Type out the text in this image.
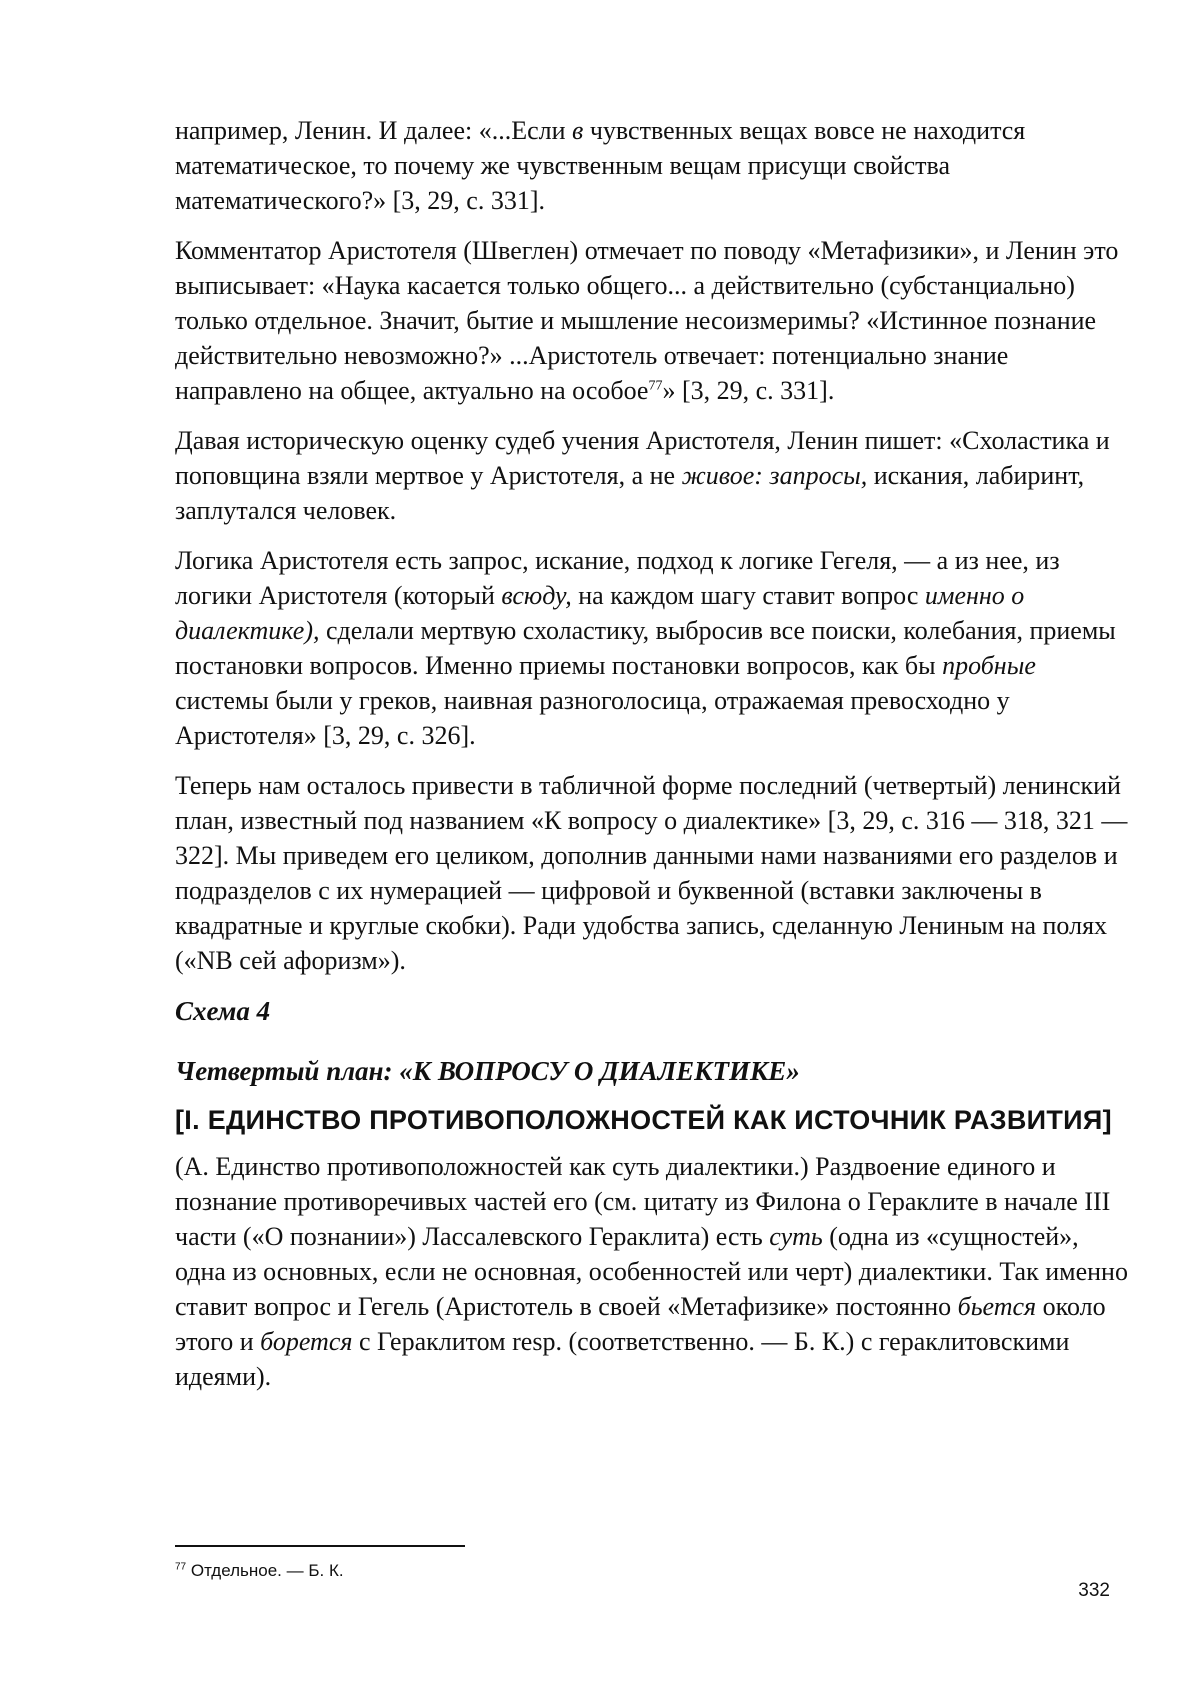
например, Ленин. И далее: «...Если в чувственных вещах вовсе не находится математическое, то почему же чувственным вещам присущи свойства математического?» [3, 29, с. 331].

Комментатор Аристотеля (Швеглен) отмечает по поводу «Метафизики», и Ленин это выписывает: «Наука касается только общего... а действительно (субстанциально) только отдельное. Значит, бытие и мышление несоизмеримы? «Истинное познание действительно невозможно?» ...Аристотель отвечает: потенциально знание направлено на общее, актуально на особое$^{77}$» [3, 29, с. 331].

Давая историческую оценку судеб учения Аристотеля, Ленин пишет: «Схоластика и поповщина взяли мертвое у Аристотеля, а не живое: запросы, искания, лабиринт, заплутался человек.

Логика Аристотеля есть запрос, искание, подход к логике Гегеля, — а из нее, из логики Аристотеля (который всюду, на каждом шагу ставит вопрос именно о диалектике), сделали мертвую схоластику, выбросив все поиски, колебания, приемы постановки вопросов. Именно приемы постановки вопросов, как бы пробные системы были у греков, наивная разноголосица, отражаемая превосходно у Аристотеля» [3, 29, с. 326].

Теперь нам осталось привести в табличной форме последний (четвертый) ленинский план, известный под названием «К вопросу о диалектике» [3, 29, с. 316 — 318, 321 — 322]. Мы приведем его целиком, дополнив данными нами названиями его разделов и подразделов с их нумерацией — цифровой и буквенной (вставки заключены в квадратные и круглые скобки). Ради удобства запись, сделанную Лениным на полях («NB сей афоризм»).

Схема 4

Четвертый план: «К ВОПРОСУ О ДИАЛЕКТИКЕ»

[I. ЕДИНСТВО ПРОТИВОПОЛОЖНОСТЕЙ КАК ИСТОЧНИК РАЗВИТИЯ]

(А. Единство противоположностей как суть диалектики.) Раздвоение единого и познание противоречивых частей его (см. цитату из Филона о Гераклите в начале III части («О познании») Лассалевского Гераклита) есть суть (одна из «сущностей», одна из основных, если не основная, особенностей или черт) диалектики. Так именно ставит вопрос и Гегель (Аристотель в своей «Метафизике» постоянно бьется около этого и борется с Гераклитом resp. (соответственно. — Б. К.) с гераклитовскими идеями).

$^{77}$ Отдельное. — Б. К.
332
